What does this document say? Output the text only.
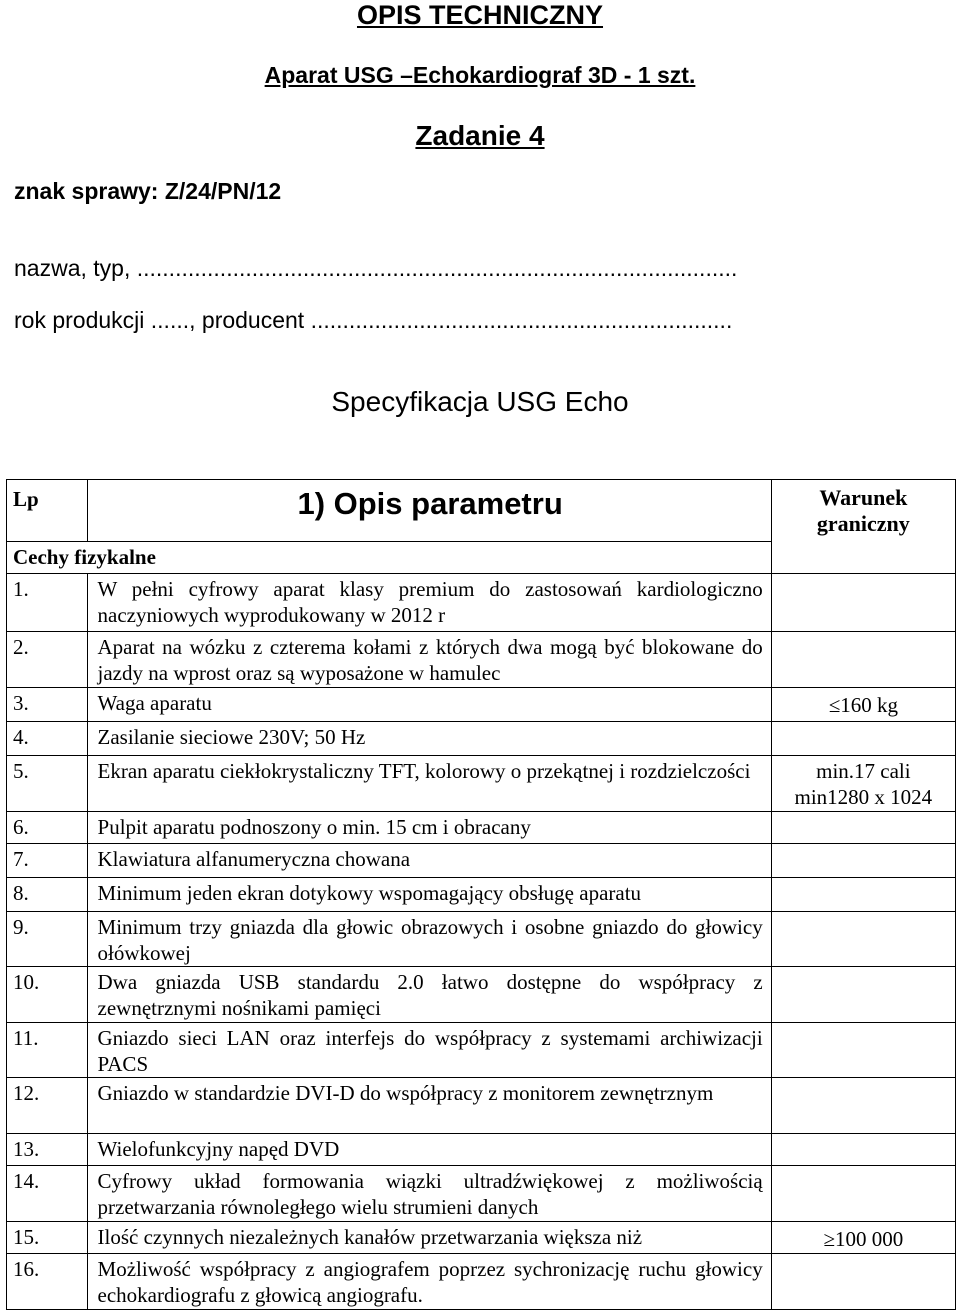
OPIS TECHNICZNY
Aparat USG –Echokardiograf 3D - 1 szt.
Zadanie 4
znak sprawy: Z/24/PN/12
nazwa, typ, ..............................................................................................
rok produkcji ......, producent ..................................................................
Specyfikacja USG Echo
Lp	1) Opis parametru	Warunek
graniczny
Cechy fizykalne		
1.	W pełni cyfrowy aparat klasy premium do zastosowań kardiologiczno naczyniowych wyprodukowany w 2012 r	
2.	Aparat na wózku z czterema kołami z których dwa mogą być blokowane do jazdy na wprost oraz są wyposażone w hamulec	
3.	Waga aparatu	≤160 kg
4.	Zasilanie sieciowe 230V; 50 Hz	
5.	Ekran aparatu ciekłokrystaliczny TFT, kolorowy o przekątnej i rozdzielczości	min.17 cali min1280 x 1024
6.	Pulpit aparatu podnoszony o min. 15 cm i obracany	
7.	Klawiatura alfanumeryczna chowana	
8.	Minimum jeden ekran dotykowy wspomagający obsługę aparatu	
9.	Minimum trzy gniazda dla głowic obrazowych i osobne gniazdo do głowicy ołówkowej	
10.	Dwa gniazda USB standardu 2.0 łatwo dostępne do współpracy z zewnętrznymi nośnikami pamięci	
11.	Gniazdo sieci LAN oraz interfejs do współpracy z systemami archiwizacji PACS	
12.	Gniazdo w standardzie DVI-D do współpracy z monitorem zewnętrznym	
13.	Wielofunkcyjny napęd DVD	
14.	Cyfrowy układ formowania wiązki ultradźwiękowej z możliwością przetwarzania równoległego wielu strumieni danych	
15.	Ilość czynnych niezależnych kanałów przetwarzania większa niż	≥100 000
16.	Możliwość współpracy z angiografem poprzez sychronizację ruchu głowicy echokardiografu z głowicą angiografu.	
